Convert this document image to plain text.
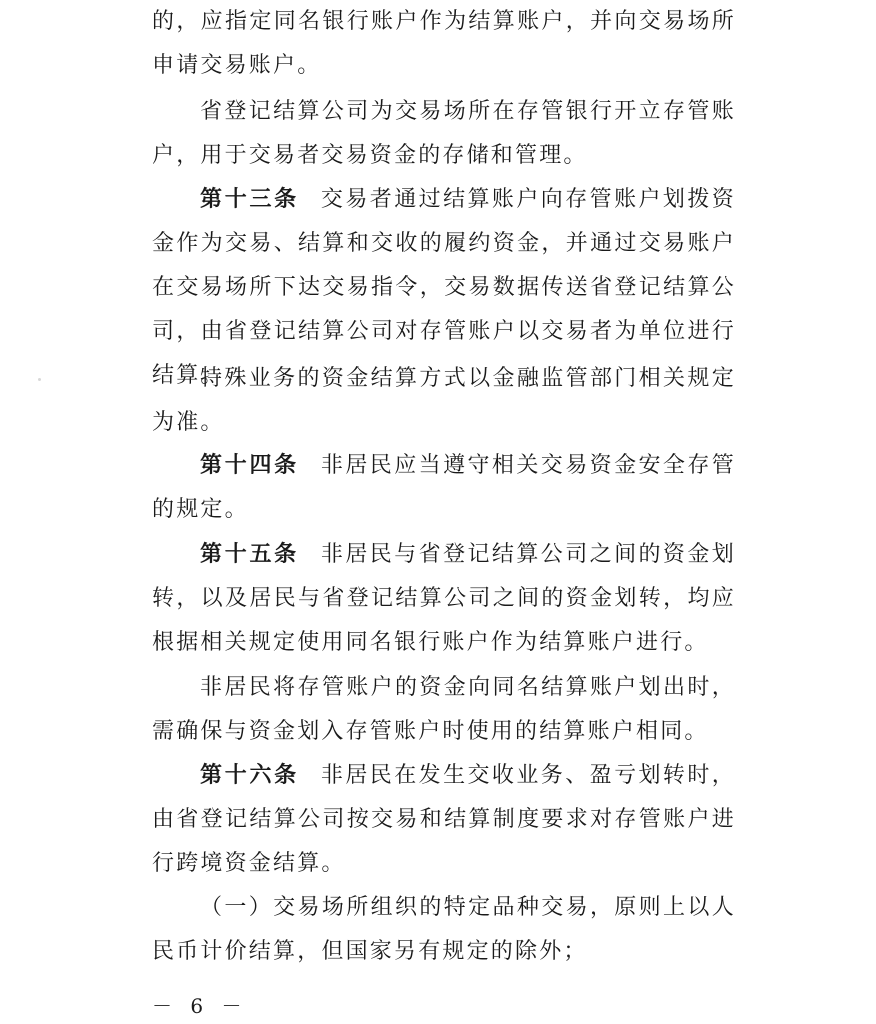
的，应指定同名银行账户作为结算账户，并向交易场所申请交易账户。

省登记结算公司为交易场所在存管银行开立存管账户，用于交易者交易资金的存储和管理。

第十三条 交易者通过结算账户向存管账户划拨资金作为交易、结算和交收的履约资金，并通过交易账户在交易场所下达交易指令，交易数据传送省登记结算公司，由省登记结算公司对存管账户以交易者为单位进行结算。

特殊业务的资金结算方式以金融监管部门相关规定为准。

第十四条 非居民应当遵守相关交易资金安全存管的规定。

第十五条 非居民与省登记结算公司之间的资金划转，以及居民与省登记结算公司之间的资金划转，均应根据相关规定使用同名银行账户作为结算账户进行。

非居民将存管账户的资金向同名结算账户划出时，需确保与资金划入存管账户时使用的结算账户相同。

第十六条 非居民在发生交收业务、盈亏划转时，由省登记结算公司按交易和结算制度要求对存管账户进行跨境资金结算。

（一）交易场所组织的特定品种交易，原则上以人民币计价结算，但国家另有规定的除外；

－ 6 －
